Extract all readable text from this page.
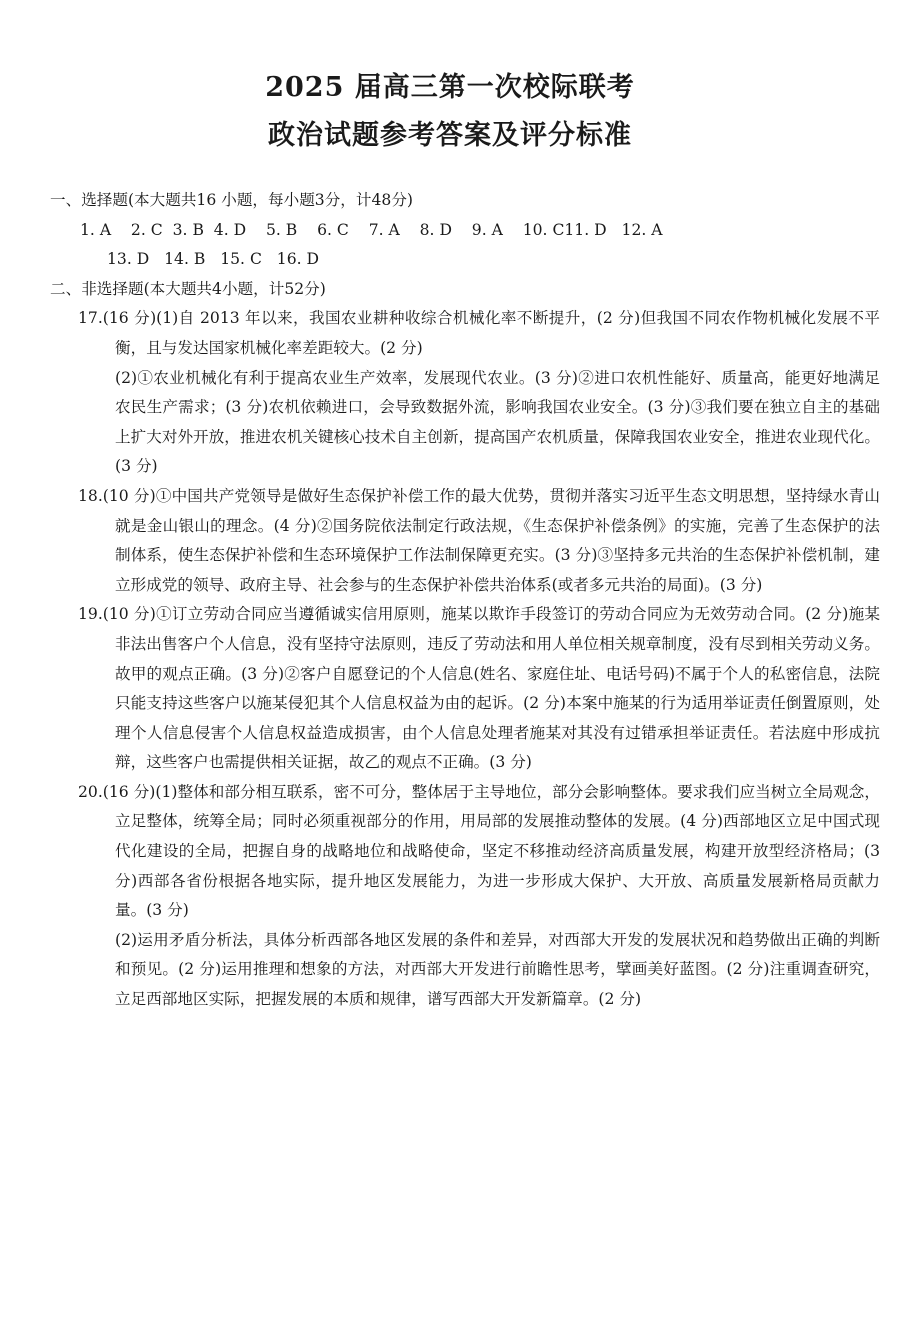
2025 届高三第一次校际联考
政治试题参考答案及评分标准
一、选择题(本大题共16 小题，每小题3分，计48分)
1. A    2. C  3. B  4. D    5. B    6. C    7. A    8. D    9. A    10. C11. D   12. A
13. D   14. B   15. C   16. D
二、非选择题(本大题共4小题，计52分)

17.(16 分)(1)自 2013 年以来，我国农业耕种收综合机械化率不断提升，(2 分)但我国不同农作物机械化发展不平衡，且与发达国家机械化率差距较大。(2 分)

(2)①农业机械化有利于提高农业生产效率，发展现代农业。(3 分)②进口农机性能好、质量高，能更好地满足农民生产需求；(3 分)农机依赖进口，会导致数据外流，影响我国农业安全。(3 分)③我们要在独立自主的基础上扩大对外开放，推进农机关键核心技术自主创新，提高国产农机质量，保障我国农业安全，推进农业现代化。(3 分)

18.(10 分)①中国共产党领导是做好生态保护补偿工作的最大优势，贯彻并落实习近平生态文明思想，坚持绿水青山就是金山银山的理念。(4 分)②国务院依法制定行政法规，《生态保护补偿条例》的实施，完善了生态保护的法制体系，使生态保护补偿和生态环境保护工作法制保障更充实。(3 分)③坚持多元共治的生态保护补偿机制，建立形成党的领导、政府主导、社会参与的生态保护补偿共治体系(或者多元共治的局面)。(3 分)

19.(10 分)①订立劳动合同应当遵循诚实信用原则，施某以欺诈手段签订的劳动合同应为无效劳动合同。(2 分)施某非法出售客户个人信息，没有坚持守法原则，违反了劳动法和用人单位相关规章制度，没有尽到相关劳动义务。故甲的观点正确。(3 分)②客户自愿登记的个人信息(姓名、家庭住址、电话号码)不属于个人的私密信息，法院只能支持这些客户以施某侵犯其个人信息权益为由的起诉。(2 分)本案中施某的行为适用举证责任倒置原则，处理个人信息侵害个人信息权益造成损害，由个人信息处理者施某对其没有过错承担举证责任。若法庭中形成抗辩，这些客户也需提供相关证据，故乙的观点不正确。(3 分)

20.(16 分)(1)整体和部分相互联系，密不可分，整体居于主导地位，部分会影响整体。要求我们应当树立全局观念，立足整体，统筹全局；同时必须重视部分的作用，用局部的发展推动整体的发展。(4 分)西部地区立足中国式现代化建设的全局，把握自身的战略地位和战略使命，坚定不移推动经济高质量发展，构建开放型经济格局；(3 分)西部各省份根据各地实际，提升地区发展能力，为进一步形成大保护、大开放、高质量发展新格局贡献力量。(3 分)

(2)运用矛盾分析法，具体分析西部各地区发展的条件和差异，对西部大开发的发展状况和趋势做出正确的判断和预见。(2 分)运用推理和想象的方法，对西部大开发进行前瞻性思考，擘画美好蓝图。(2 分)注重调查研究，立足西部地区实际，把握发展的本质和规律，谱写西部大开发新篇章。(2 分)
